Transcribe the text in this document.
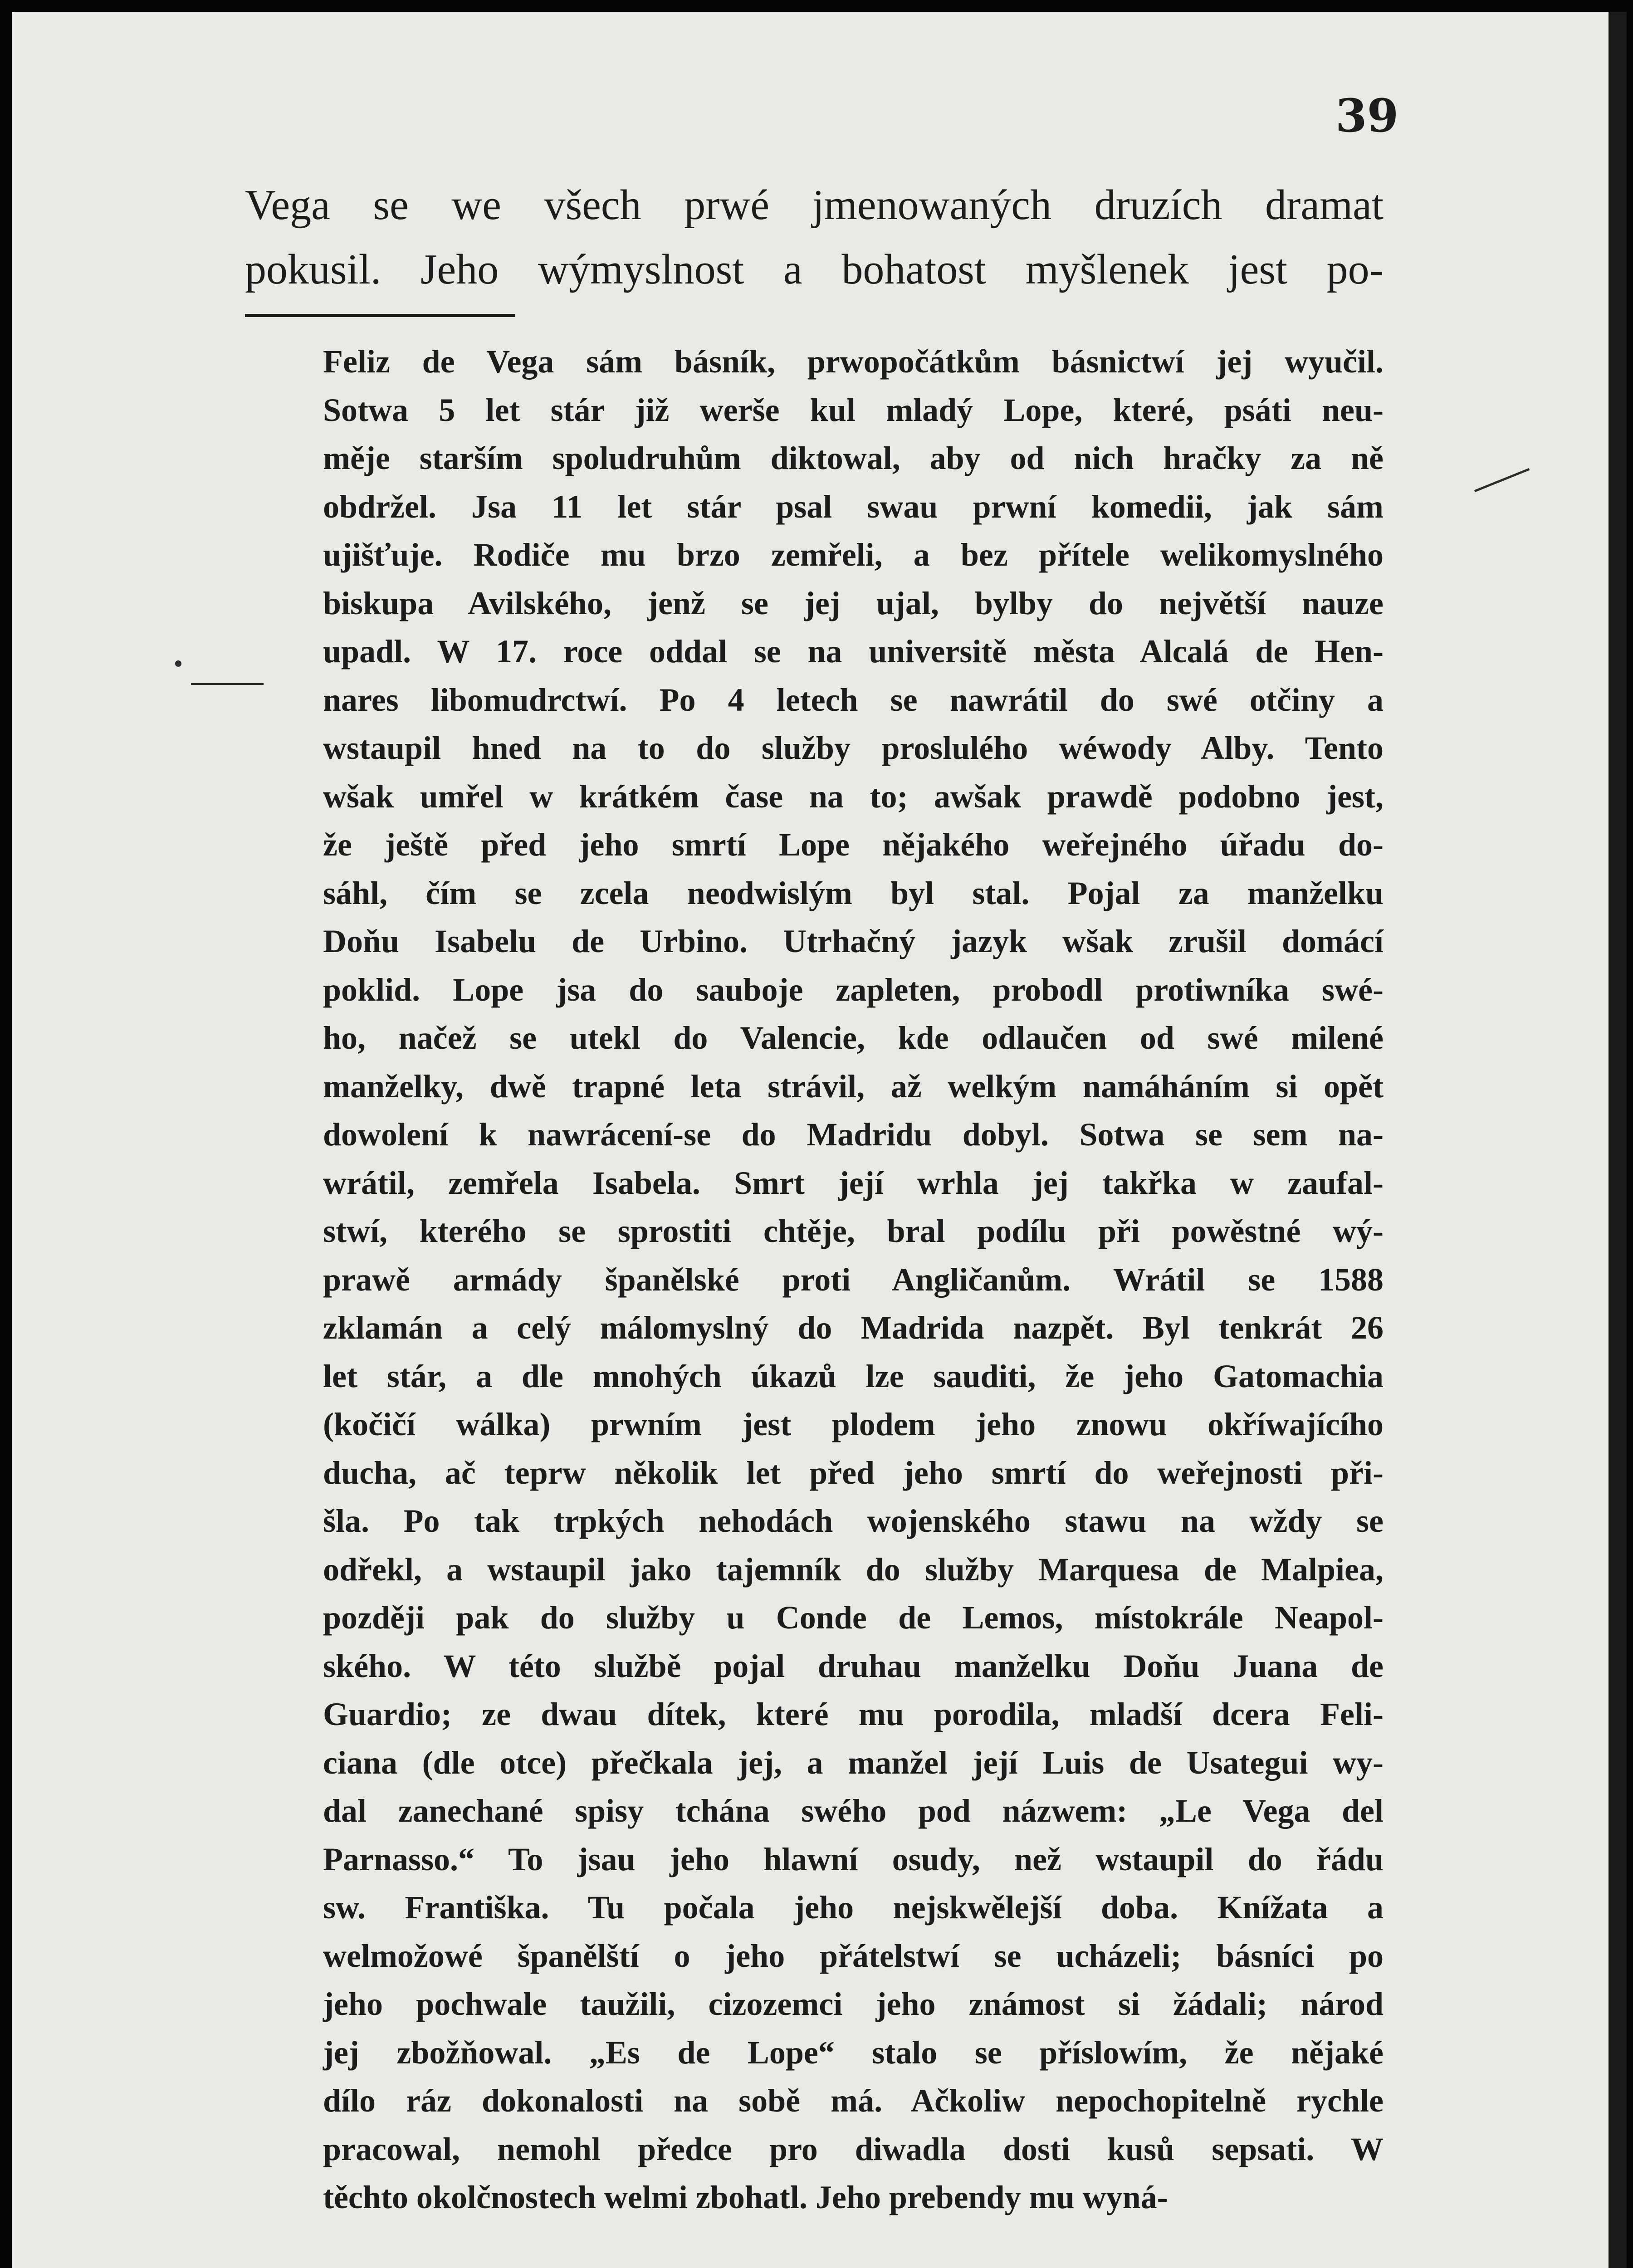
39
Vega se we všech prwé jmenowaných druzích dramat
pokusil. Jeho wýmyslnost a bohatost myšlenek jest po-
Feliz de Vega sám básník, prwopočátkům básnictwí jej wyučil.
Sotwa 5 let stár již werše kul mladý Lope, které, psáti neu-
měje starším spoludruhům diktowal, aby od nich hračky za ně
obdržel. Jsa 11 let stár psal swau prwní komedii, jak sám
ujišťuje. Rodiče mu brzo zemřeli, a bez přítele welikomyslného
biskupa Avilského, jenž se jej ujal, bylby do největší nauze
upadl. W 17. roce oddal se na universitě města Alcalá de Hen-
nares libomudrctwí. Po 4 letech se nawrátil do swé otčiny a
wstaupil hned na to do služby proslulého wéwody Alby. Tento
wšak umřel w krátkém čase na to; awšak prawdě podobno jest,
že ještě před jeho smrtí Lope nějakého weřejného úřadu do-
sáhl, čím se zcela neodwislým byl stal. Pojal za manželku
Doňu Isabelu de Urbino. Utrhačný jazyk wšak zrušil domácí
poklid. Lope jsa do sauboje zapleten, probodl protiwníka swé-
ho, načež se utekl do Valencie, kde odlaučen od swé milené
manželky, dwě trapné leta strávil, až welkým namáháním si opět
dowolení k nawrácení-se do Madridu dobyl. Sotwa se sem na-
wrátil, zemřela Isabela. Smrt její wrhla jej takřka w zaufal-
stwí, kterého se sprostiti chtěje, bral podílu při powěstné wý-
prawě armády španělské proti Angličanům. Wrátil se 1588
zklamán a celý málomyslný do Madrida nazpět. Byl tenkrát 26
let stár, a dle mnohých úkazů lze sauditi, že jeho Gatomachia
(kočičí wálka) prwním jest plodem jeho znowu okříwajícího
ducha, ač teprw několik let před jeho smrtí do weřejnosti při-
šla. Po tak trpkých nehodách wojenského stawu na wždy se
odřekl, a wstaupil jako tajemník do služby Marquesa de Malpiea,
později pak do služby u Conde de Lemos, místokrále Neapol-
ského. W této službě pojal druhau manželku Doňu Juana de
Guardio; ze dwau dítek, které mu porodila, mladší dcera Feli-
ciana (dle otce) přečkala jej, a manžel její Luis de Usategui wy-
dal zanechané spisy tchána swého pod názwem: „Le Vega del
Parnasso.“ To jsau jeho hlawní osudy, než wstaupil do řádu
sw. Františka. Tu počala jeho nejskwělejší doba. Knížata a
welmožowé španělští o jeho přátelstwí se ucházeli; básníci po
jeho pochwale taužili, cizozemci jeho známost si žádali; národ
jej zbožňowal. „Es de Lope“ stalo se příslowím, že nějaké
dílo ráz dokonalosti na sobě má. Ačkoliw nepochopitelně rychle
pracowal, nemohl předce pro diwadla dosti kusů sepsati. W
těchto okolčnostech welmi zbohatl. Jeho prebendy mu wyná-
